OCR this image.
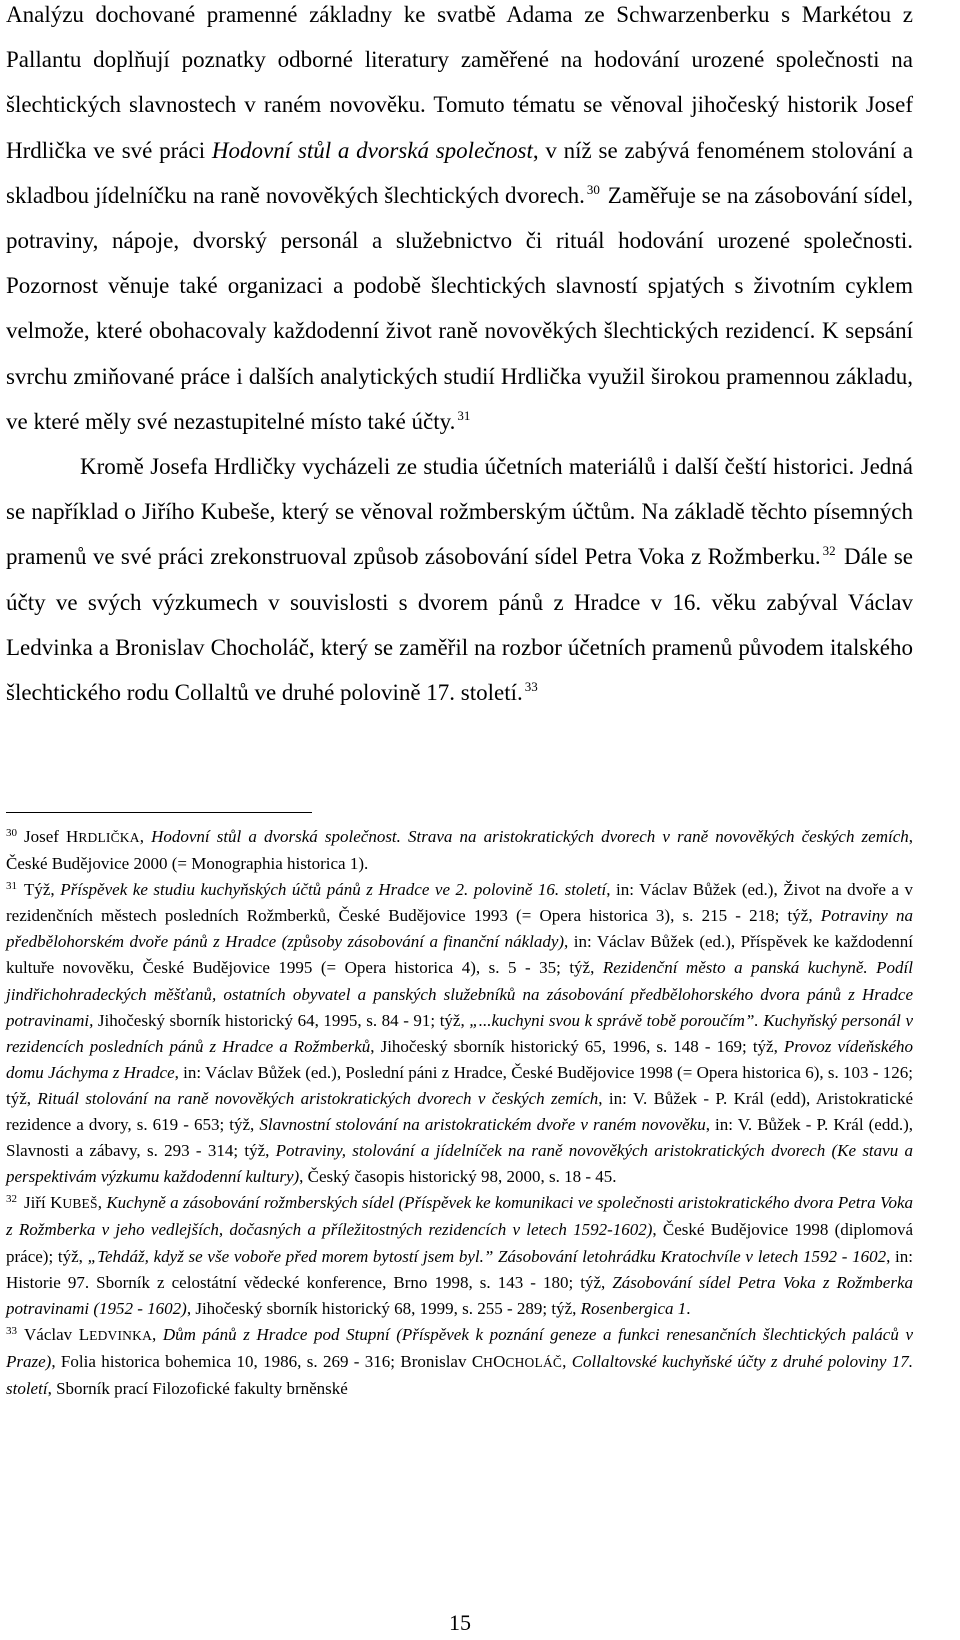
Analýzu dochované pramenné základny ke svatbě Adama ze Schwarzenberku s Markétou z Pallantu doplňují poznatky odborné literatury zaměřené na hodování urozené společnosti na šlechtických slavnostech v raném novověku. Tomuto tématu se věnoval jihočeský historik Josef Hrdlička ve své práci Hodovní stůl a dvorská společnost, v níž se zabývá fenoménem stolování a skladbou jídelníčku na raně novověkých šlechtických dvorech. $^{30}$ Zaměřuje se na zásobování sídel, potraviny, nápoje, dvorský personál a služebnictvo či rituál hodování urozené společnosti. Pozornost věnuje také organizaci a podobě šlechtických slavností spjatých s životním cyklem velmože, které obohacovaly každodenní život raně novověkých šlechtických rezidencí. K sepsání svrchu zmiňované práce i dalších analytických studií Hrdlička využil širokou pramennou základu, ve které měly své nezastupitelné místo také účty. $^{31}$

Kromě Josefa Hrdličky vycházeli ze studia účetních materiálů i další čeští historici. Jedná se například o Jiřího Kubeše, který se věnoval rožmberským účtům. Na základě těchto písemných pramenů ve své práci zrekonstruoval způsob zásobování sídel Petra Voka z Rožmberku. $^{32}$ Dále se účty ve svých výzkumech v souvislosti s dvorem pánů z Hradce v 16. věku zabýval Václav Ledvinka a Bronislav Chocholáč, který se zaměřil na rozbor účetních pramenů původem italského šlechtického rodu Collaltů ve druhé polovině 17. století. $^{33}$

$^{30}$ Josef HRDLIČKA, Hodovní stůl a dvorská společnost. Strava na aristokratických dvorech v raně novověkých českých zemích, České Budějovice 2000 (= Monographia historica 1).

$^{31}$ Týž, Příspěvek ke studiu kuchyňských účtů pánů z Hradce ve 2. polovině 16. století, in: Václav Bůžek (ed.), Život na dvoře a v rezidenčních městech posledních Rožmberků, České Budějovice 1993 (= Opera historica 3), s. 215 - 218; týž, Potraviny na předbělohorském dvoře pánů z Hradce (způsoby zásobování a finanční náklady), in: Václav Bůžek (ed.), Příspěvek ke každodenní kultuře novověku, České Budějovice 1995 (= Opera historica 4), s. 5 - 35; týž, Rezidenční město a panská kuchyně. Podíl jindřichohradeckých měšťanů, ostatních obyvatel a panských služebníků na zásobování předbělohorského dvora pánů z Hradce potravinami, Jihočeský sborník historický 64, 1995, s. 84 - 91; týž, „...kuchyni svou k správě tobě poroučím”. Kuchyňský personál v rezidencích posledních pánů z Hradce a Rožmberků, Jihočeský sborník historický 65, 1996, s. 148 - 169; týž, Provoz vídeňského domu Jáchyma z Hradce, in: Václav Bůžek (ed.), Poslední páni z Hradce, České Budějovice 1998 (= Opera historica 6), s. 103 - 126; týž, Rituál stolování na raně novověkých aristokratických dvorech v českých zemích, in: V. Bůžek - P. Král (edd), Aristokratické rezidence a dvory, s. 619 - 653; týž, Slavnostní stolování na aristokratickém dvoře v raném novověku, in: V. Bůžek - P. Král (edd.), Slavnosti a zábavy, s. 293 - 314; týž, Potraviny, stolování a jídelníček na raně novověkých aristokratických dvorech (Ke stavu a perspektivám výzkumu každodenní kultury), Český časopis historický 98, 2000, s. 18 - 45.

$^{32}$ Jiří KUBEŠ, Kuchyně a zásobování rožmberských sídel (Příspěvek ke komunikaci ve společnosti aristokratického dvora Petra Voka z Rožmberka v jeho vedlejších, dočasných a příležitostných rezidencích v letech 1592-1602), České Budějovice 1998 (diplomová práce); týž, „Tehdáž, když se vše voboře před morem bytostí jsem byl.” Zásobování letohrádku Kratochvíle v letech 1592 - 1602, in: Historie 97. Sborník z celostátní vědecké konference, Brno 1998, s. 143 - 180; týž, Zásobování sídel Petra Voka z Rožmberka potravinami (1952 - 1602), Jihočeský sborník historický 68, 1999, s. 255 - 289; týž, Rosenbergica 1.

$^{33}$ Václav LEDVINKA, Dům pánů z Hradce pod Stupní (Příspěvek k poznání geneze a funkci renesančních šlechtických paláců v Praze), Folia historica bohemica 10, 1986, s. 269 - 316; Bronislav CHOCHOLÁČ, Collaltovské kuchyňské účty z druhé poloviny 17. století, Sborník prací Filozofické fakulty brněnské

15
